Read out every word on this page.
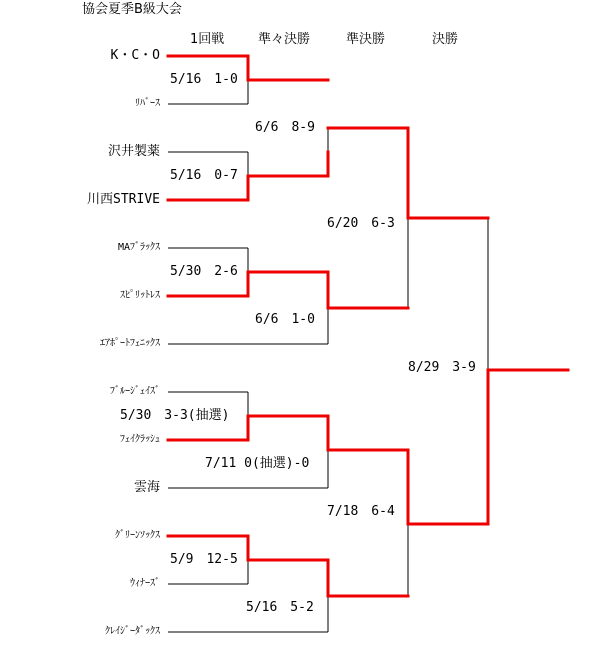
協会夏季B級大会
1回戦	準々決勝	準決勝	決勝
K・C・O
ﾘﾊﾞｰｽ
沢井製薬
川西STRIVE
MAﾌﾞﾗｯｸｽ
ｽﾋﾟﾘｯﾄﾚｽ
ｴｱﾎﾟｰﾄﾌｪﾆｯｸｽ
ﾌﾞﾙｰｼﾞｪｲｽﾞ
ﾌｪｲｸﾗｯｼｭ
雲海
ｸﾞﾘｰﾝｿｯｸｽ
ｳｨﾅｰｽﾞ
ｸﾚｲｼﾞｰﾀﾞｯｸｽ
5/16　1-0
5/16　0-7
5/30　2-6
5/30　3-3(抽選)
5/9　12-5
6/6　8-9
6/6　1-0
7/11 0(抽選)-0
5/16　5-2
6/20　6-3
7/18　6-4
8/29　3-9
